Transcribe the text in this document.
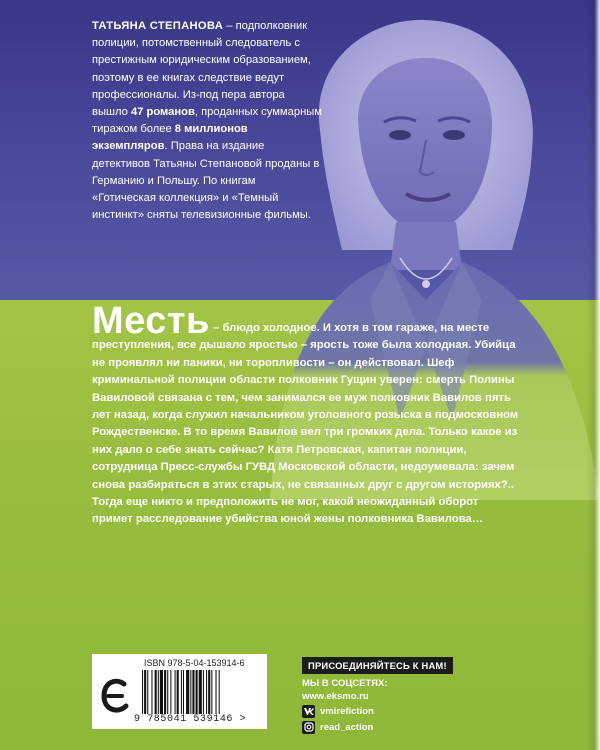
ТАТЬЯНА СТЕПАНОВА – подполковник полиции, потомственный следователь с престижным юридическим образованием, поэтому в ее книгах следствие ведут профессионалы. Из-под пера автора вышло 47 романов, проданных суммарным тиражом более 8 миллионов экземпляров. Права на издание детективов Татьяны Степановой проданы в Германию и Польшу. По книгам «Готическая коллекция» и «Темный инстинкт» сняты телевизионные фильмы.
Месть – блюдо холодное. И хотя в том гараже, на месте преступления, все дышало яростью – ярость тоже была холодная. Убийца не проявлял ни паники, ни торопливости – он действовал. Шеф криминальной полиции области полковник Гущин уверен: смерть Полины Вавиловой связана с тем, чем занимался ее муж полковник Вавилов пять лет назад, когда служил начальником уголовного розыска в подмосковном Рождественске. В то время Вавилов вел три громких дела. Только какое из них дало о себе знать сейчас? Катя Петровская, капитан полиции, сотрудница Пресс-службы ГУВД Московской области, недоумевала: зачем снова разбираться в этих старых, не связанных друг с другом историях?.. Тогда еще никто и предположить не мог, какой неожиданный оборот примет расследование убийства юной жены полковника Вавилова…
ISBN 978-5-04-153914-6
9 785041 539146 >
ПРИСОЕДИНЯЙТЕСЬ К НАМ!
МЫ В СОЦСЕТЯХ:
www.eksmo.ru
vmirefiction
read_action
